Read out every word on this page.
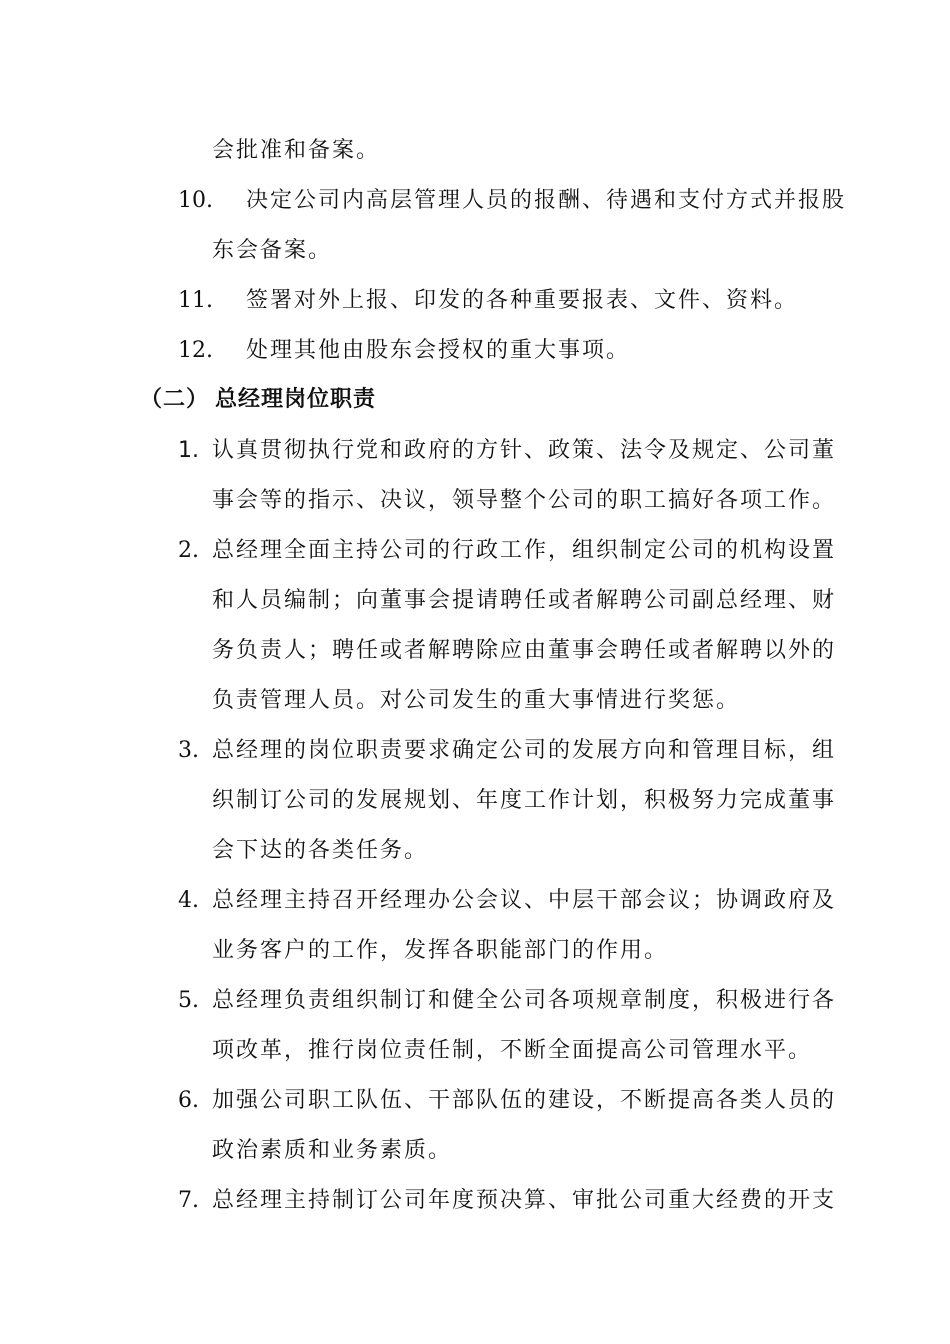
会批准和备案。
10. 决定公司内高层管理人员的报酬、待遇和支付方式并报股
东会备案。
11. 签署对外上报、印发的各种重要报表、文件、资料。
12. 处理其他由股东会授权的重大事项。
（二） 总经理岗位职责
1. 认真贯彻执行党和政府的方针、政策、法令及规定、公司董
事会等的指示、决议，领导整个公司的职工搞好各项工作。
2. 总经理全面主持公司的行政工作，组织制定公司的机构设置
和人员编制；向董事会提请聘任或者解聘公司副总经理、财
务负责人；聘任或者解聘除应由董事会聘任或者解聘以外的
负责管理人员。对公司发生的重大事情进行奖惩。
3. 总经理的岗位职责要求确定公司的发展方向和管理目标，组
织制订公司的发展规划、年度工作计划，积极努力完成董事
会下达的各类任务。
4. 总经理主持召开经理办公会议、中层干部会议；协调政府及
业务客户的工作，发挥各职能部门的作用。
5. 总经理负责组织制订和健全公司各项规章制度，积极进行各
项改革，推行岗位责任制，不断全面提高公司管理水平。
6. 加强公司职工队伍、干部队伍的建设，不断提高各类人员的
政治素质和业务素质。
7. 总经理主持制订公司年度预决算、审批公司重大经费的开支
